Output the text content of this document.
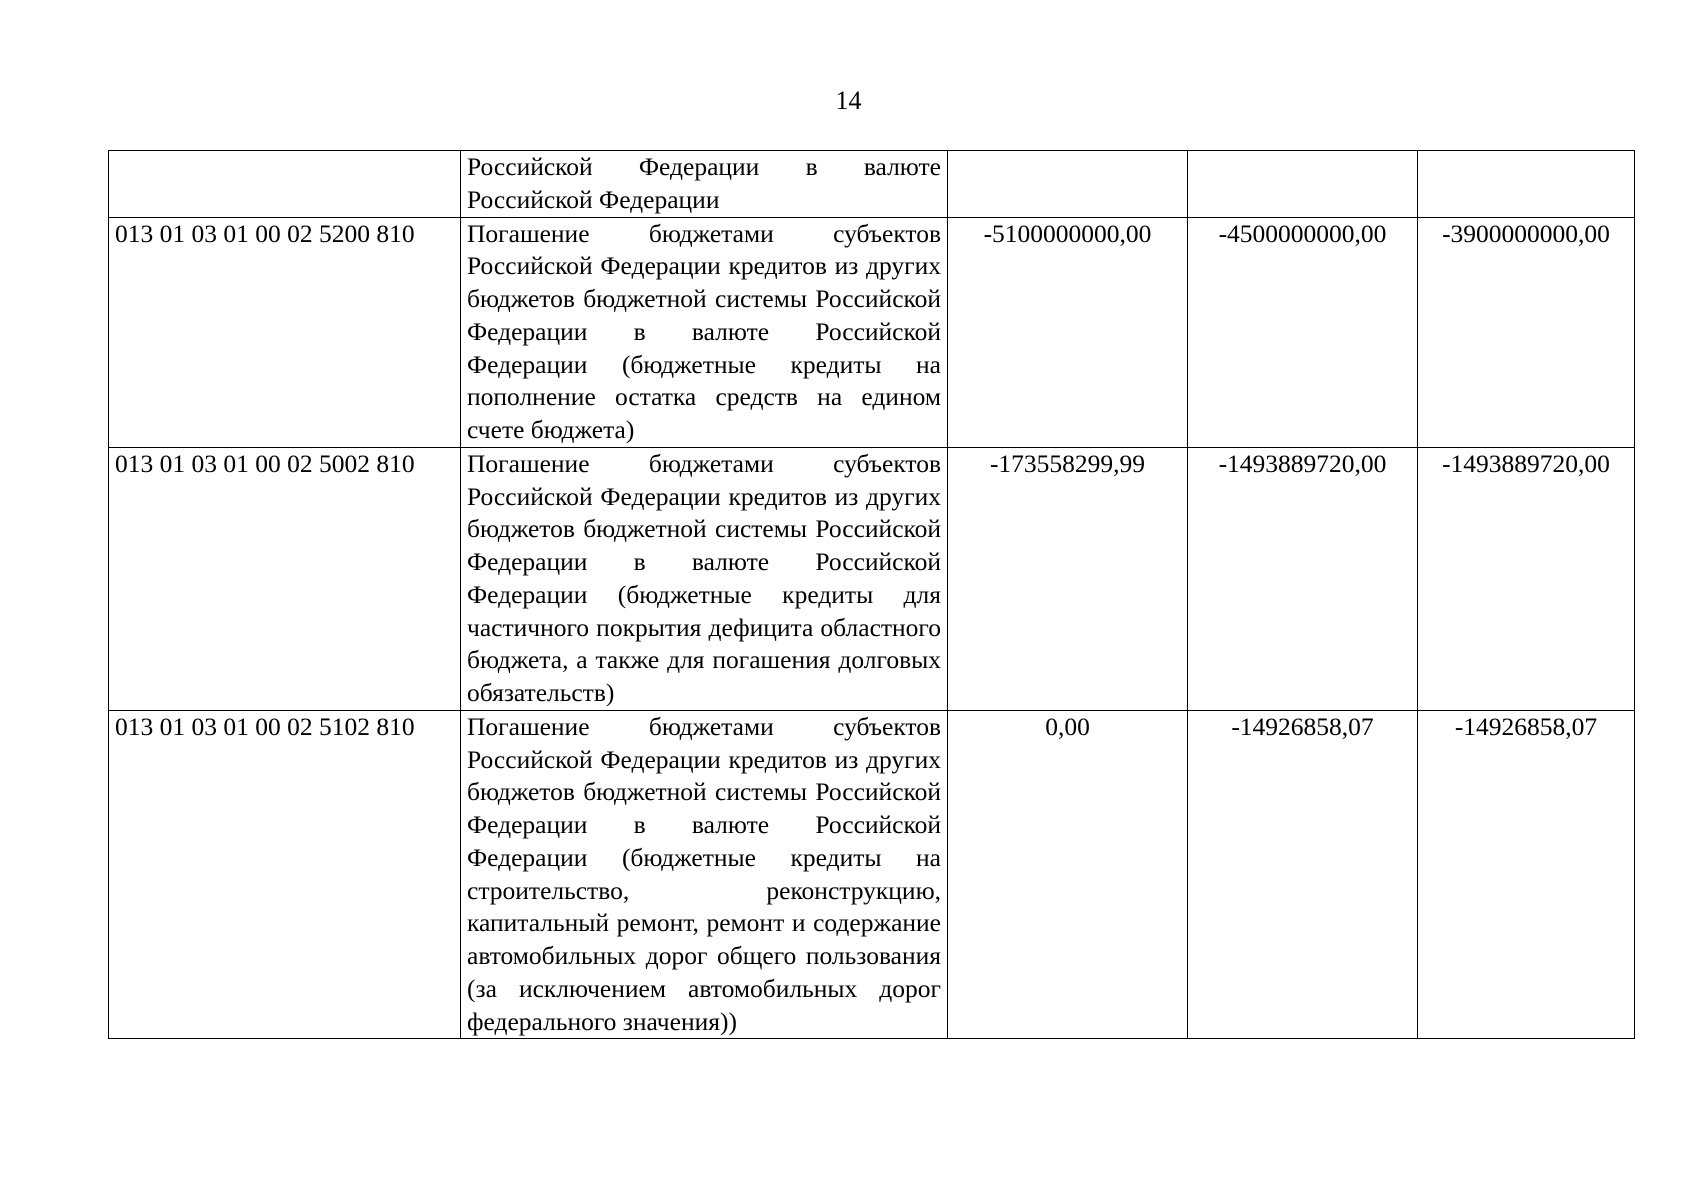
14
	Российской Федерации в валюте Российской Федерации			
013 01 03 01 00 02 5200 810	Погашение бюджетами субъектов Российской Федерации кредитов из других бюджетов бюджетной системы Российской Федерации в валюте Российской Федерации (бюджетные кредиты на пополнение остатка средств на едином счете бюджета)	-5100000000,00	-4500000000,00	-3900000000,00
013 01 03 01 00 02 5002 810	Погашение бюджетами субъектов Российской Федерации кредитов из других бюджетов бюджетной системы Российской Федерации в валюте Российской Федерации (бюджетные кредиты для частичного покрытия дефицита областного бюджета, а также для погашения долговых обязательств)	-173558299,99	-1493889720,00	-1493889720,00
013 01 03 01 00 02 5102 810	Погашение бюджетами субъектов Российской Федерации кредитов из других бюджетов бюджетной системы Российской Федерации в валюте Российской Федерации (бюджетные кредиты на строительство, реконструкцию, капитальный ремонт, ремонт и содержание автомобильных дорог общего пользования (за исключением автомобильных дорог федерального значения))	0,00	-14926858,07	-14926858,07
